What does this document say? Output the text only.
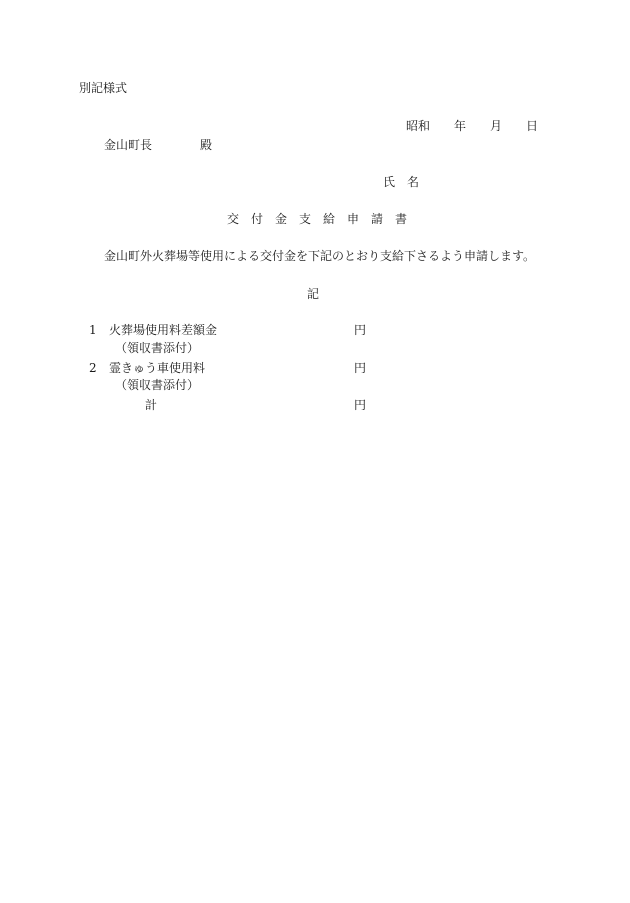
別記様式
昭和　　年　　月　　日
金山町長　　　　殿
氏　名
交　付　金　支　給　申　請　書
金山町外火葬場等使用による交付金を下記のとおり支給下さるよう申請します。
記
1 火葬場使用料差額金	円
（領収書添付）
2 霊きゅう車使用料	円
（領収書添付）
計	円
